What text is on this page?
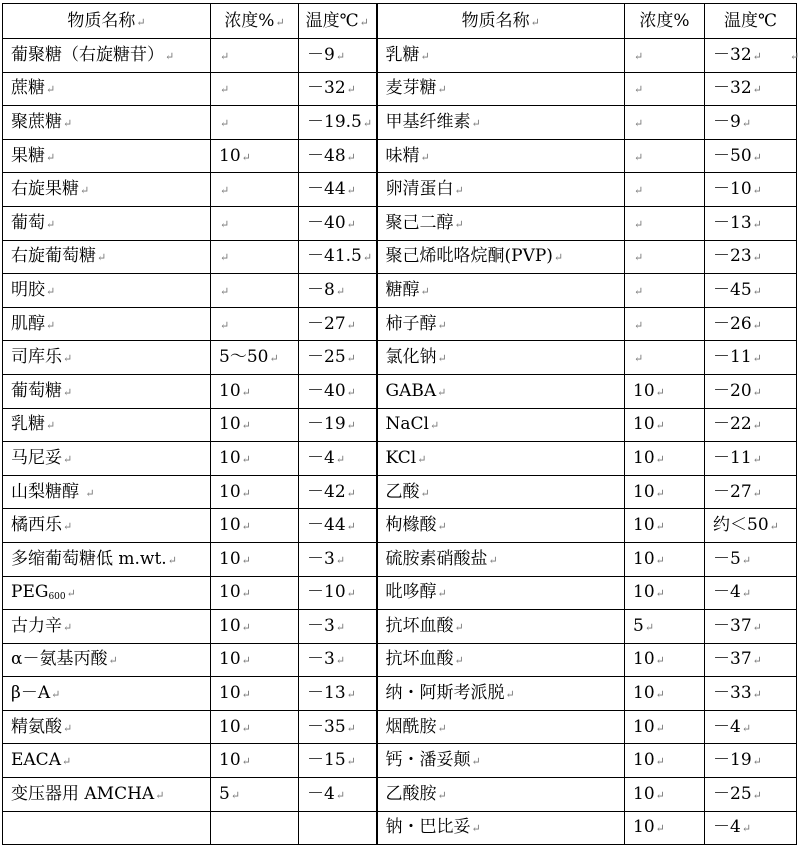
物质名称↵	浓度%↵	温度℃↵	物质名称↵	浓度%	温度℃
葡聚糖（右旋糖苷）↵	↵	－9↵	乳糖↵	↵	－32↵
蔗糖↵	↵	－32↵	麦芽糖↵	↵	－32↵
聚蔗糖↵	↵	－19.5↵	甲基纤维素↵	↵	－9↵
果糖↵	10↵	－48↵	味精↵	↵	－50↵
右旋果糖↵	↵	－44↵	卵清蛋白↵	↵	－10↵
葡萄↵	↵	－40↵	聚己二醇↵	↵	－13↵
右旋葡萄糖↵	↵	－41.5↵	聚己烯吡咯烷酮(PVP)↵	↵	－23↵
明胶↵	↵	－8↵	糖醇↵	↵	－45↵
肌醇↵	↵	－27↵	柿子醇↵	↵	－26↵
司库乐↵	5～50↵	－25↵	氯化钠↵	↵	－11↵
葡萄糖↵	10↵	－40↵	GABA↵	10↵	－20↵
乳糖↵	10↵	－19↵	NaCl↵	10↵	－22↵
马尼妥↵	10↵	－4↵	KCl↵	10↵	－11↵
山梨糖醇 ↵	10↵	－42↵	乙酸↵	10↵	－27↵
橘西乐↵	10↵	－44↵	枸橼酸↵	10↵	约＜50↵
多缩葡萄糖低 m.wt.↵	10↵	－3↵	硫胺素硝酸盐↵	10↵	－5↵
$PEG_{600}↵$	10↵	－10↵	吡哆醇↵	10↵	－4↵
古力辛↵	10↵	－3↵	抗坏血酸↵	5↵	－37↵
α－氨基丙酸↵	10↵	－3↵	抗坏血酸↵	10↵	－37↵
β－A↵	10↵	－13↵	纳・阿斯考派脱↵	10↵	－33↵
精氨酸↵	10↵	－35↵	烟酰胺↵	10↵	－4↵
EACA↵	10↵	－15↵	钙・潘妥颠↵	10↵	－19↵
变压器用 AMCHA↵	5↵	－4↵	乙酸胺↵	10↵	－25↵
			钠・巴比妥↵	10↵	－4↵
↵
